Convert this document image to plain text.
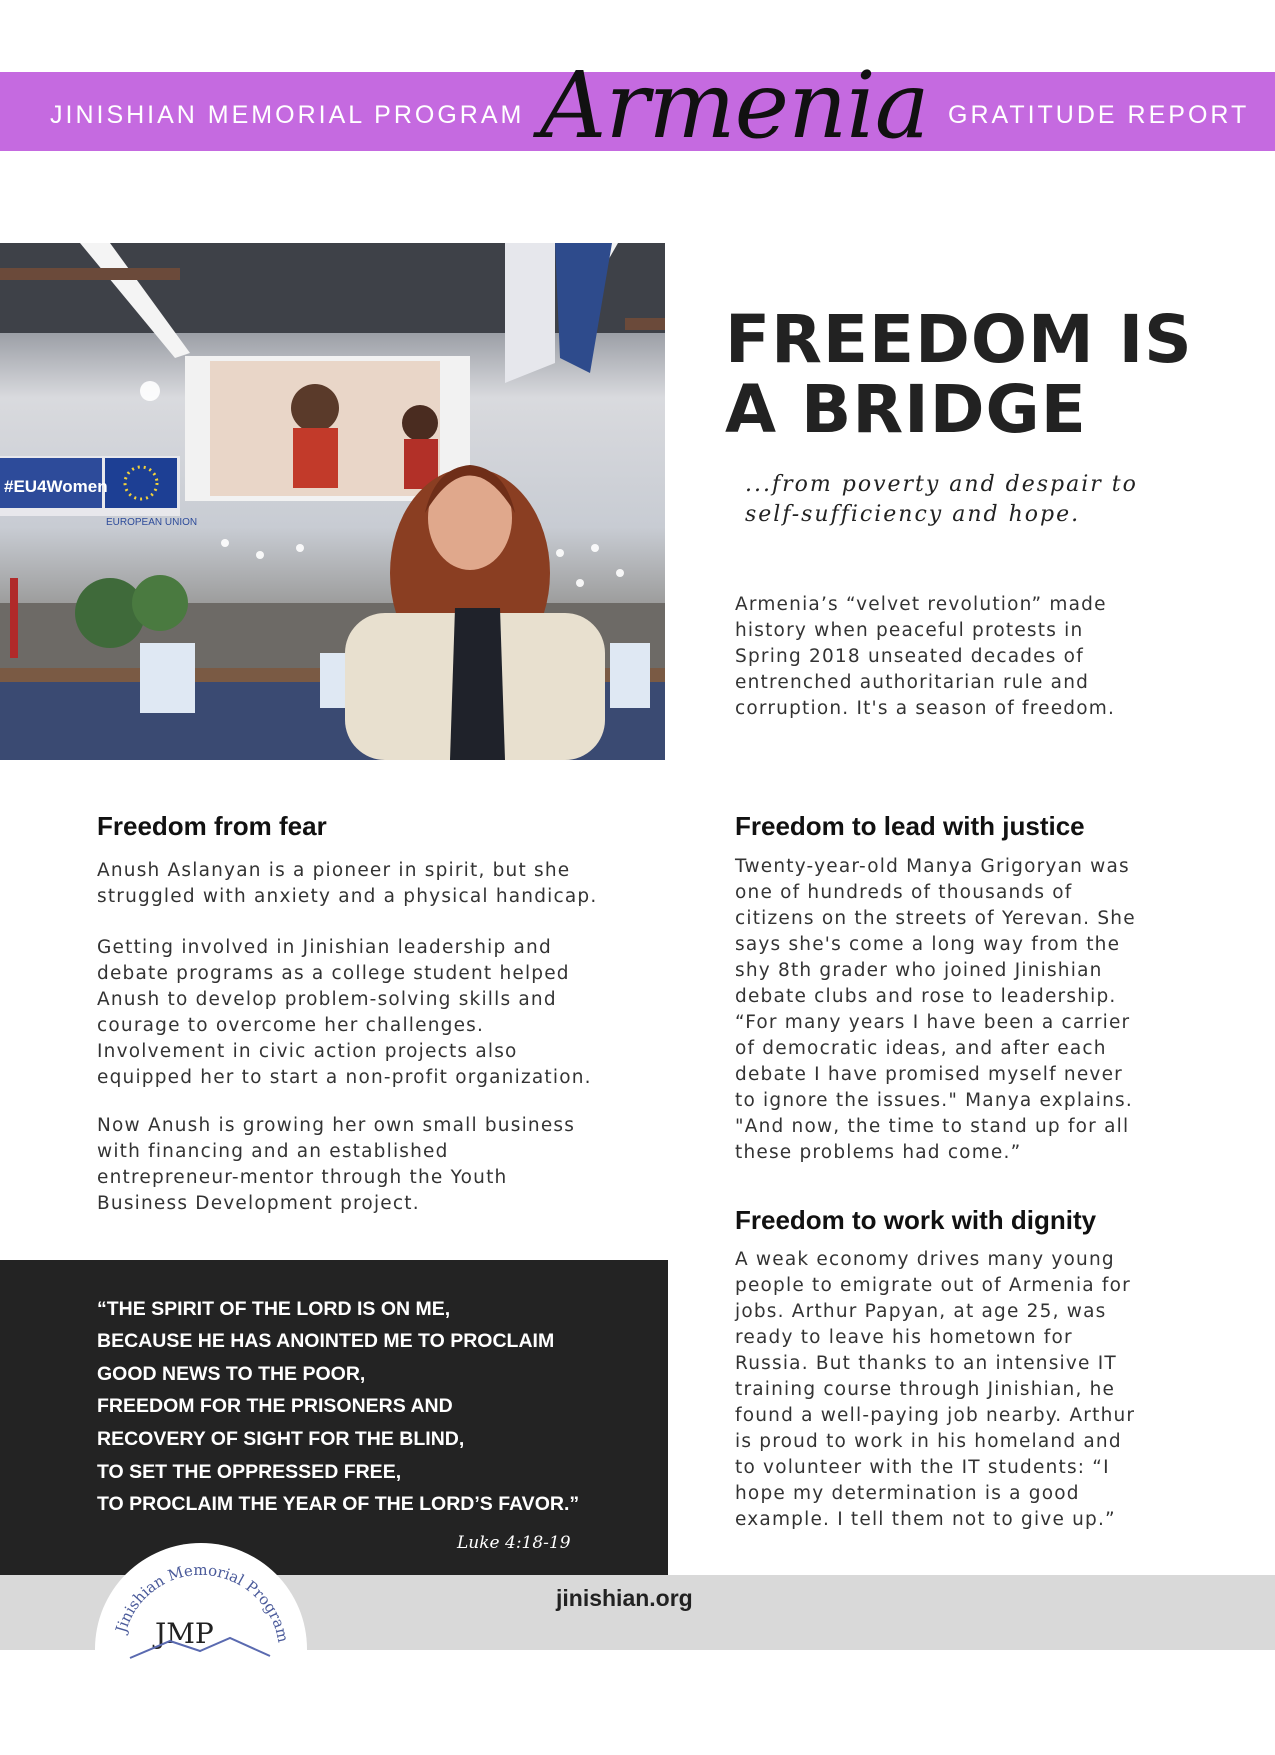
JINISHIAN MEMORIAL PROGRAM Armenia GRATITUDE REPORT
#EU4Women
EUROPEAN UNION
FREEDOM IS
A BRIDGE
...from poverty and despair to
self-sufficiency and hope.
Armenia’s “velvet revolution” made
history when peaceful protests in
Spring 2018 unseated decades of
entrenched authoritarian rule and
corruption. It's a season of freedom.
Freedom from fear
Anush Aslanyan is a pioneer in spirit, but she
struggled with anxiety and a physical handicap.
Getting involved in Jinishian leadership and
debate programs as a college student helped
Anush to develop problem-solving skills and
courage to overcome her challenges.
Involvement in civic action projects also
equipped her to start a non-profit organization.
Now Anush is growing her own small business
with financing and an established
entrepreneur-mentor through the Youth
Business Development project.
Freedom to lead with justice
Twenty-year-old Manya Grigoryan was
one of hundreds of thousands of
citizens on the streets of Yerevan. She
says she's come a long way from the
shy 8th grader who joined Jinishian
debate clubs and rose to leadership.
“For many years I have been a carrier
of democratic ideas, and after each
debate I have promised myself never
to ignore the issues." Manya explains.
"And now, the time to stand up for all
these problems had come.”
Freedom to work with dignity
A weak economy drives many young
people to emigrate out of Armenia for
jobs. Arthur Papyan, at age 25, was
ready to leave his hometown for
Russia. But thanks to an intensive IT
training course through Jinishian, he
found a well-paying job nearby. Arthur
is proud to work in his homeland and
to volunteer with the IT students: “I
hope my determination is a good
example. I tell them not to give up.”
“THE SPIRIT OF THE LORD IS ON ME,
BECAUSE HE HAS ANOINTED ME TO PROCLAIM
GOOD NEWS TO THE POOR,
FREEDOM FOR THE PRISONERS AND
RECOVERY OF SIGHT FOR THE BLIND,
TO SET THE OPPRESSED FREE,
TO PROCLAIM THE YEAR OF THE LORD’S FAVOR.”
Luke 4:18-19
jinishian.org
Jinishian Memorial Program
JMP
